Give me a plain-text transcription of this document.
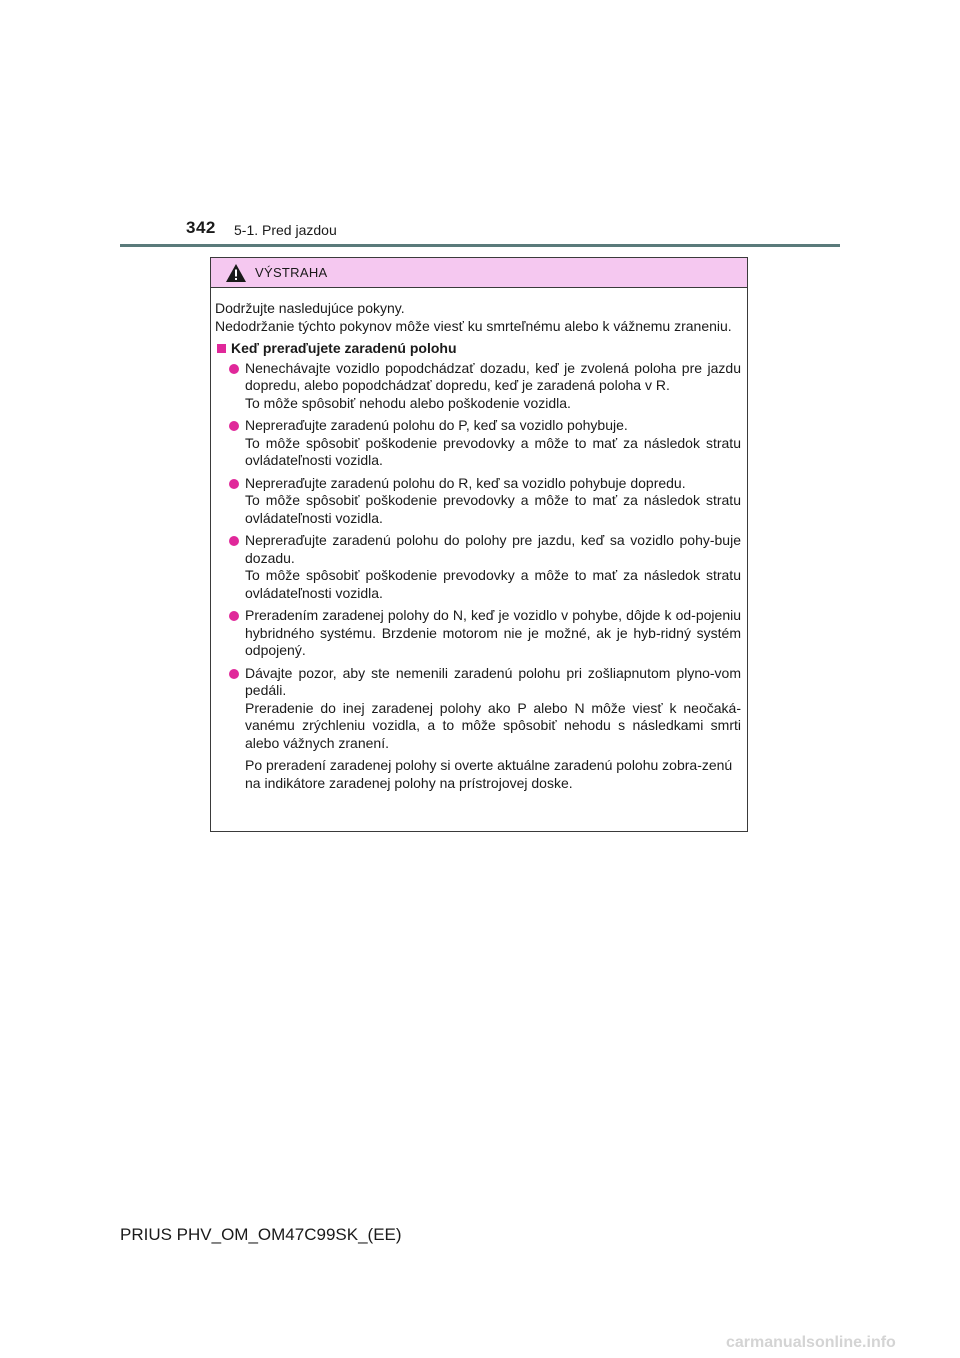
342 5-1. Pred jazdou
VÝSTRAHA

Dodržujte nasledujúce pokyny.

Nedodržanie týchto pokynov môže viesť ku smrteľnému alebo k vážnemu zraneniu.

Keď preraďujete zaradenú polohu
Nenechávajte vozidlo popodchádzať dozadu, keď je zvolená poloha pre jazdu dopredu, alebo popodchádzať dopredu, keď je zaradená poloha v R.
To môže spôsobiť nehodu alebo poškodenie vozidla.
Nepreraďujte zaradenú polohu do P, keď sa vozidlo pohybuje.
To môže spôsobiť poškodenie prevodovky a môže to mať za následok stratu ovládateľnosti vozidla.
Nepreraďujte zaradenú polohu do R, keď sa vozidlo pohybuje dopredu.
To môže spôsobiť poškodenie prevodovky a môže to mať za následok stratu ovládateľnosti vozidla.
Nepreraďujte zaradenú polohu do polohy pre jazdu, keď sa vozidlo pohy-buje dozadu.
To môže spôsobiť poškodenie prevodovky a môže to mať za následok stratu ovládateľnosti vozidla.
Preradením zaradenej polohy do N, keď je vozidlo v pohybe, dôjde k od-pojeniu hybridného systému. Brzdenie motorom nie je možné, ak je hyb-ridný systém odpojený.
Dávajte pozor, aby ste nemenili zaradenú polohu pri zošliapnutom plyno-vom pedáli.
Preradenie do inej zaradenej polohy ako P alebo N môže viesť k neočaká-vanému zrýchleniu vozidla, a to môže spôsobiť nehodu s následkami smrti alebo vážnych zranení.

Po preradení zaradenej polohy si overte aktuálne zaradenú polohu zobra-zenú na indikátore zaradenej polohy na prístrojovej doske.

PRIUS PHV_OM_OM47C99SK_(EE)
carmanualsonline.info
